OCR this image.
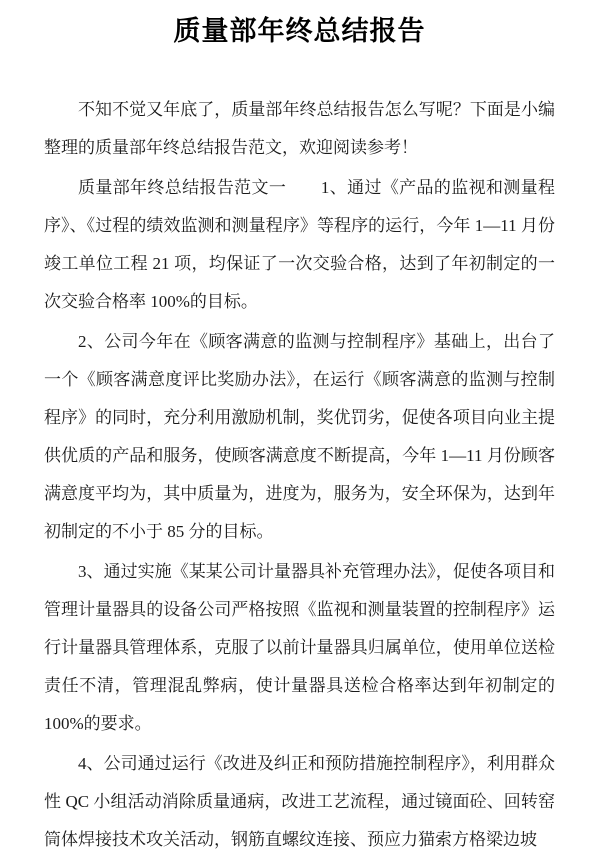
质量部年终总结报告

不知不觉又年底了，质量部年终总结报告怎么写呢？下面是小编整理的质量部年终总结报告范文，欢迎阅读参考！

质量部年终总结报告范文一　　1、通过《产品的监视和测量程序》、《过程的绩效监测和测量程序》等程序的运行，今年 1—11 月份竣工单位工程 21 项，均保证了一次交验合格，达到了年初制定的一次交验合格率 100%的目标。

2、公司今年在《顾客满意的监测与控制程序》基础上，出台了一个《顾客满意度评比奖励办法》，在运行《顾客满意的监测与控制程序》的同时，充分利用激励机制，奖优罚劣，促使各项目向业主提供优质的产品和服务，使顾客满意度不断提高，今年 1—11 月份顾客满意度平均为，其中质量为，进度为，服务为，安全环保为，达到年初制定的不小于 85 分的目标。

3、通过实施《某某公司计量器具补充管理办法》，促使各项目和管理计量器具的设备公司严格按照《监视和测量装置的控制程序》运行计量器具管理体系，克服了以前计量器具归属单位，使用单位送检责任不清，管理混乱弊病，使计量器具送检合格率达到年初制定的 100%的要求。

4、公司通过运行《改进及纠正和预防措施控制程序》，利用群众性 QC 小组活动消除质量通病，改进工艺流程，通过镜面砼、回转窑筒体焊接技术攻关活动，钢筋直螺纹连接、预应力猫索方格梁边坡
